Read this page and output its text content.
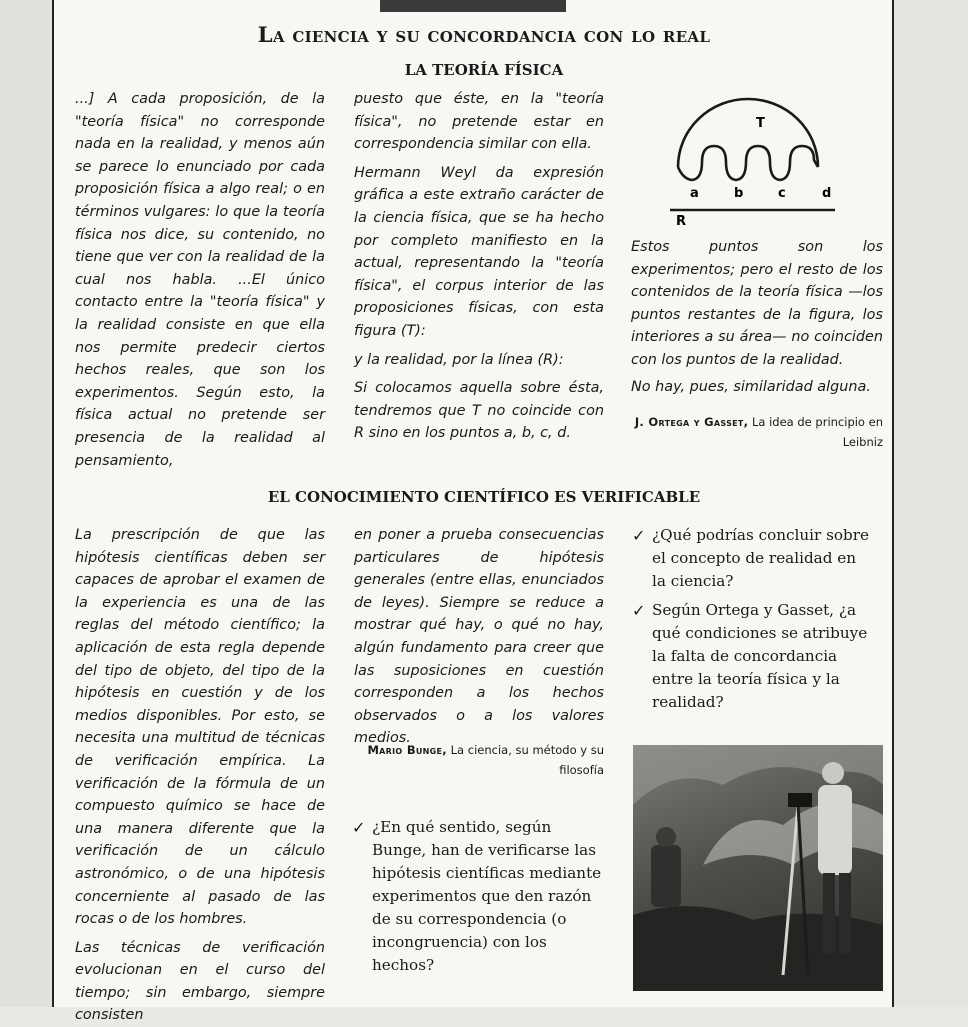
La ciencia y su concordancia con lo real
LA TEORÍA FÍSICA

...] A cada proposición, de la "teoría física" no corresponde nada en la realidad, y menos aún se parece lo enunciado por cada proposición física a algo real; o en términos vulgares: lo que la teoría física nos dice, su contenido, no tiene que ver con la realidad de la cual nos habla. ...El único contacto entre la "teoría física" y la realidad consiste en que ella nos permite predecir ciertos hechos reales, que son los experimentos. Según esto, la física actual no pretende ser presencia de la realidad al pensamiento,

puesto que éste, en la "teoría física", no pretende estar en correspondencia similar con ella.

Hermann Weyl da expresión gráfica a este extraño carácter de la ciencia física, que se ha hecho por completo manifiesto en la actual, representando la "teoría física", el corpus interior de las proposiciones físicas, con esta figura (T):

y la realidad, por la línea (R):

Si colocamos aquella sobre ésta, tendremos que T no coincide con R sino en los puntos a, b, c, d.

T
R
a	b	c	d

Estos puntos son los experimentos; pero el resto de los contenidos de la teoría física —los puntos restantes de la figura, los interiores a su área— no coinciden con los puntos de la realidad.

No hay, pues, similaridad alguna.

J. Ortega y Gasset, La idea de principio en Leibniz
EL CONOCIMIENTO CIENTÍFICO ES VERIFICABLE

La prescripción de que las hipótesis científicas deben ser capaces de aprobar el examen de la experiencia es una de las reglas del método científico; la aplicación de esta regla depende del tipo de objeto, del tipo de la hipótesis en cuestión y de los medios disponibles. Por esto, se necesita una multitud de técnicas de verificación empírica. La verificación de la fórmula de un compuesto químico se hace de una manera diferente que la verificación de un cálculo astronómico, o de una hipótesis concerniente al pasado de las rocas o de los hombres.

Las técnicas de verificación evolucionan en el curso del tiempo; sin embargo, siempre consisten

en poner a prueba consecuencias particulares de hipótesis generales (entre ellas, enunciados de leyes). Siempre se reduce a mostrar qué hay, o qué no hay, algún fundamento para creer que las suposiciones en cuestión corresponden a los hechos observados o a los valores medios.

Mario Bunge, La ciencia, su método y su filosofía
✓ ¿Qué podrías concluir sobre el concepto de realidad en la ciencia?
✓ Según Ortega y Gasset, ¿a qué condiciones se atribuye la falta de concordancia entre la teoría física y la realidad?
✓ ¿En qué sentido, según Bunge, han de verificarse las hipótesis científicas mediante experimentos que den razón de su correspondencia (o incongruencia) con los hechos?
